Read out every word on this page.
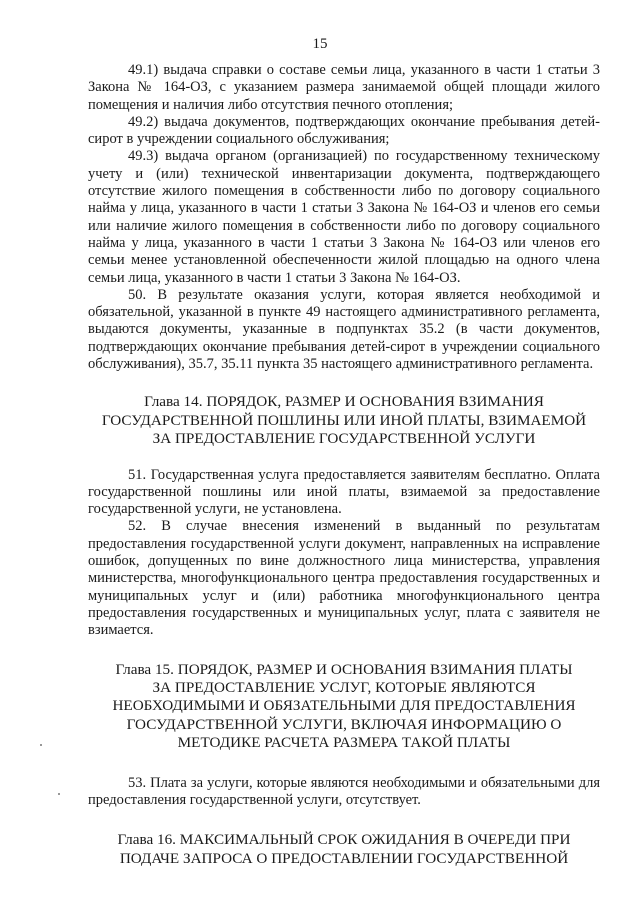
15

49.1) выдача справки о составе семьи лица, указанного в части 1 статьи 3 Закона № 164-ОЗ, с указанием размера занимаемой общей площади жилого помещения и наличия либо отсутствия печного отопления;

49.2) выдача документов, подтверждающих окончание пребывания детей-сирот в учреждении социального обслуживания;

49.3) выдача органом (организацией) по государственному техническому учету и (или) технической инвентаризации документа, подтверждающего отсутствие жилого помещения в собственности либо по договору социального найма у лица, указанного в части 1 статьи 3 Закона № 164-ОЗ и членов его семьи или наличие жилого помещения в собственности либо по договору социального найма у лица, указанного в части 1 статьи 3 Закона № 164-ОЗ или членов его семьи менее установленной обеспеченности жилой площадью на одного члена семьи лица, указанного в части 1 статьи 3 Закона № 164-ОЗ.

50. В результате оказания услуги, которая является необходимой и обязательной, указанной в пункте 49 настоящего административного регламента, выдаются документы, указанные в подпунктах 35.2 (в части документов, подтверждающих окончание пребывания детей-сирот в учреждении социального обслуживания), 35.7, 35.11 пункта 35 настоящего административного регламента.

Глава 14. ПОРЯДОК, РАЗМЕР И ОСНОВАНИЯ ВЗИМАНИЯ
ГОСУДАРСТВЕННОЙ ПОШЛИНЫ ИЛИ ИНОЙ ПЛАТЫ, ВЗИМАЕМОЙ
ЗА ПРЕДОСТАВЛЕНИЕ ГОСУДАРСТВЕННОЙ УСЛУГИ

51. Государственная услуга предоставляется заявителям бесплатно. Оплата государственной пошлины или иной платы, взимаемой за предоставление государственной услуги, не установлена.

52. В случае внесения изменений в выданный по результатам предоставления государственной услуги документ, направленных на исправление ошибок, допущенных по вине должностного лица министерства, управления министерства, многофункционального центра предоставления государственных и муниципальных услуг и (или) работника многофункционального центра предоставления государственных и муниципальных услуг, плата с заявителя не взимается.

Глава 15. ПОРЯДОК, РАЗМЕР И ОСНОВАНИЯ ВЗИМАНИЯ ПЛАТЫ
ЗА ПРЕДОСТАВЛЕНИЕ УСЛУГ, КОТОРЫЕ ЯВЛЯЮТСЯ
НЕОБХОДИМЫМИ И ОБЯЗАТЕЛЬНЫМИ ДЛЯ ПРЕДОСТАВЛЕНИЯ
ГОСУДАРСТВЕННОЙ УСЛУГИ, ВКЛЮЧАЯ ИНФОРМАЦИЮ О
МЕТОДИКЕ РАСЧЕТА РАЗМЕРА ТАКОЙ ПЛАТЫ

53. Плата за услуги, которые являются необходимыми и обязательными для предоставления государственной услуги, отсутствует.

Глава 16. МАКСИМАЛЬНЫЙ СРОК ОЖИДАНИЯ В ОЧЕРЕДИ ПРИ
ПОДАЧЕ ЗАПРОСА О ПРЕДОСТАВЛЕНИИ ГОСУДАРСТВЕННОЙ
